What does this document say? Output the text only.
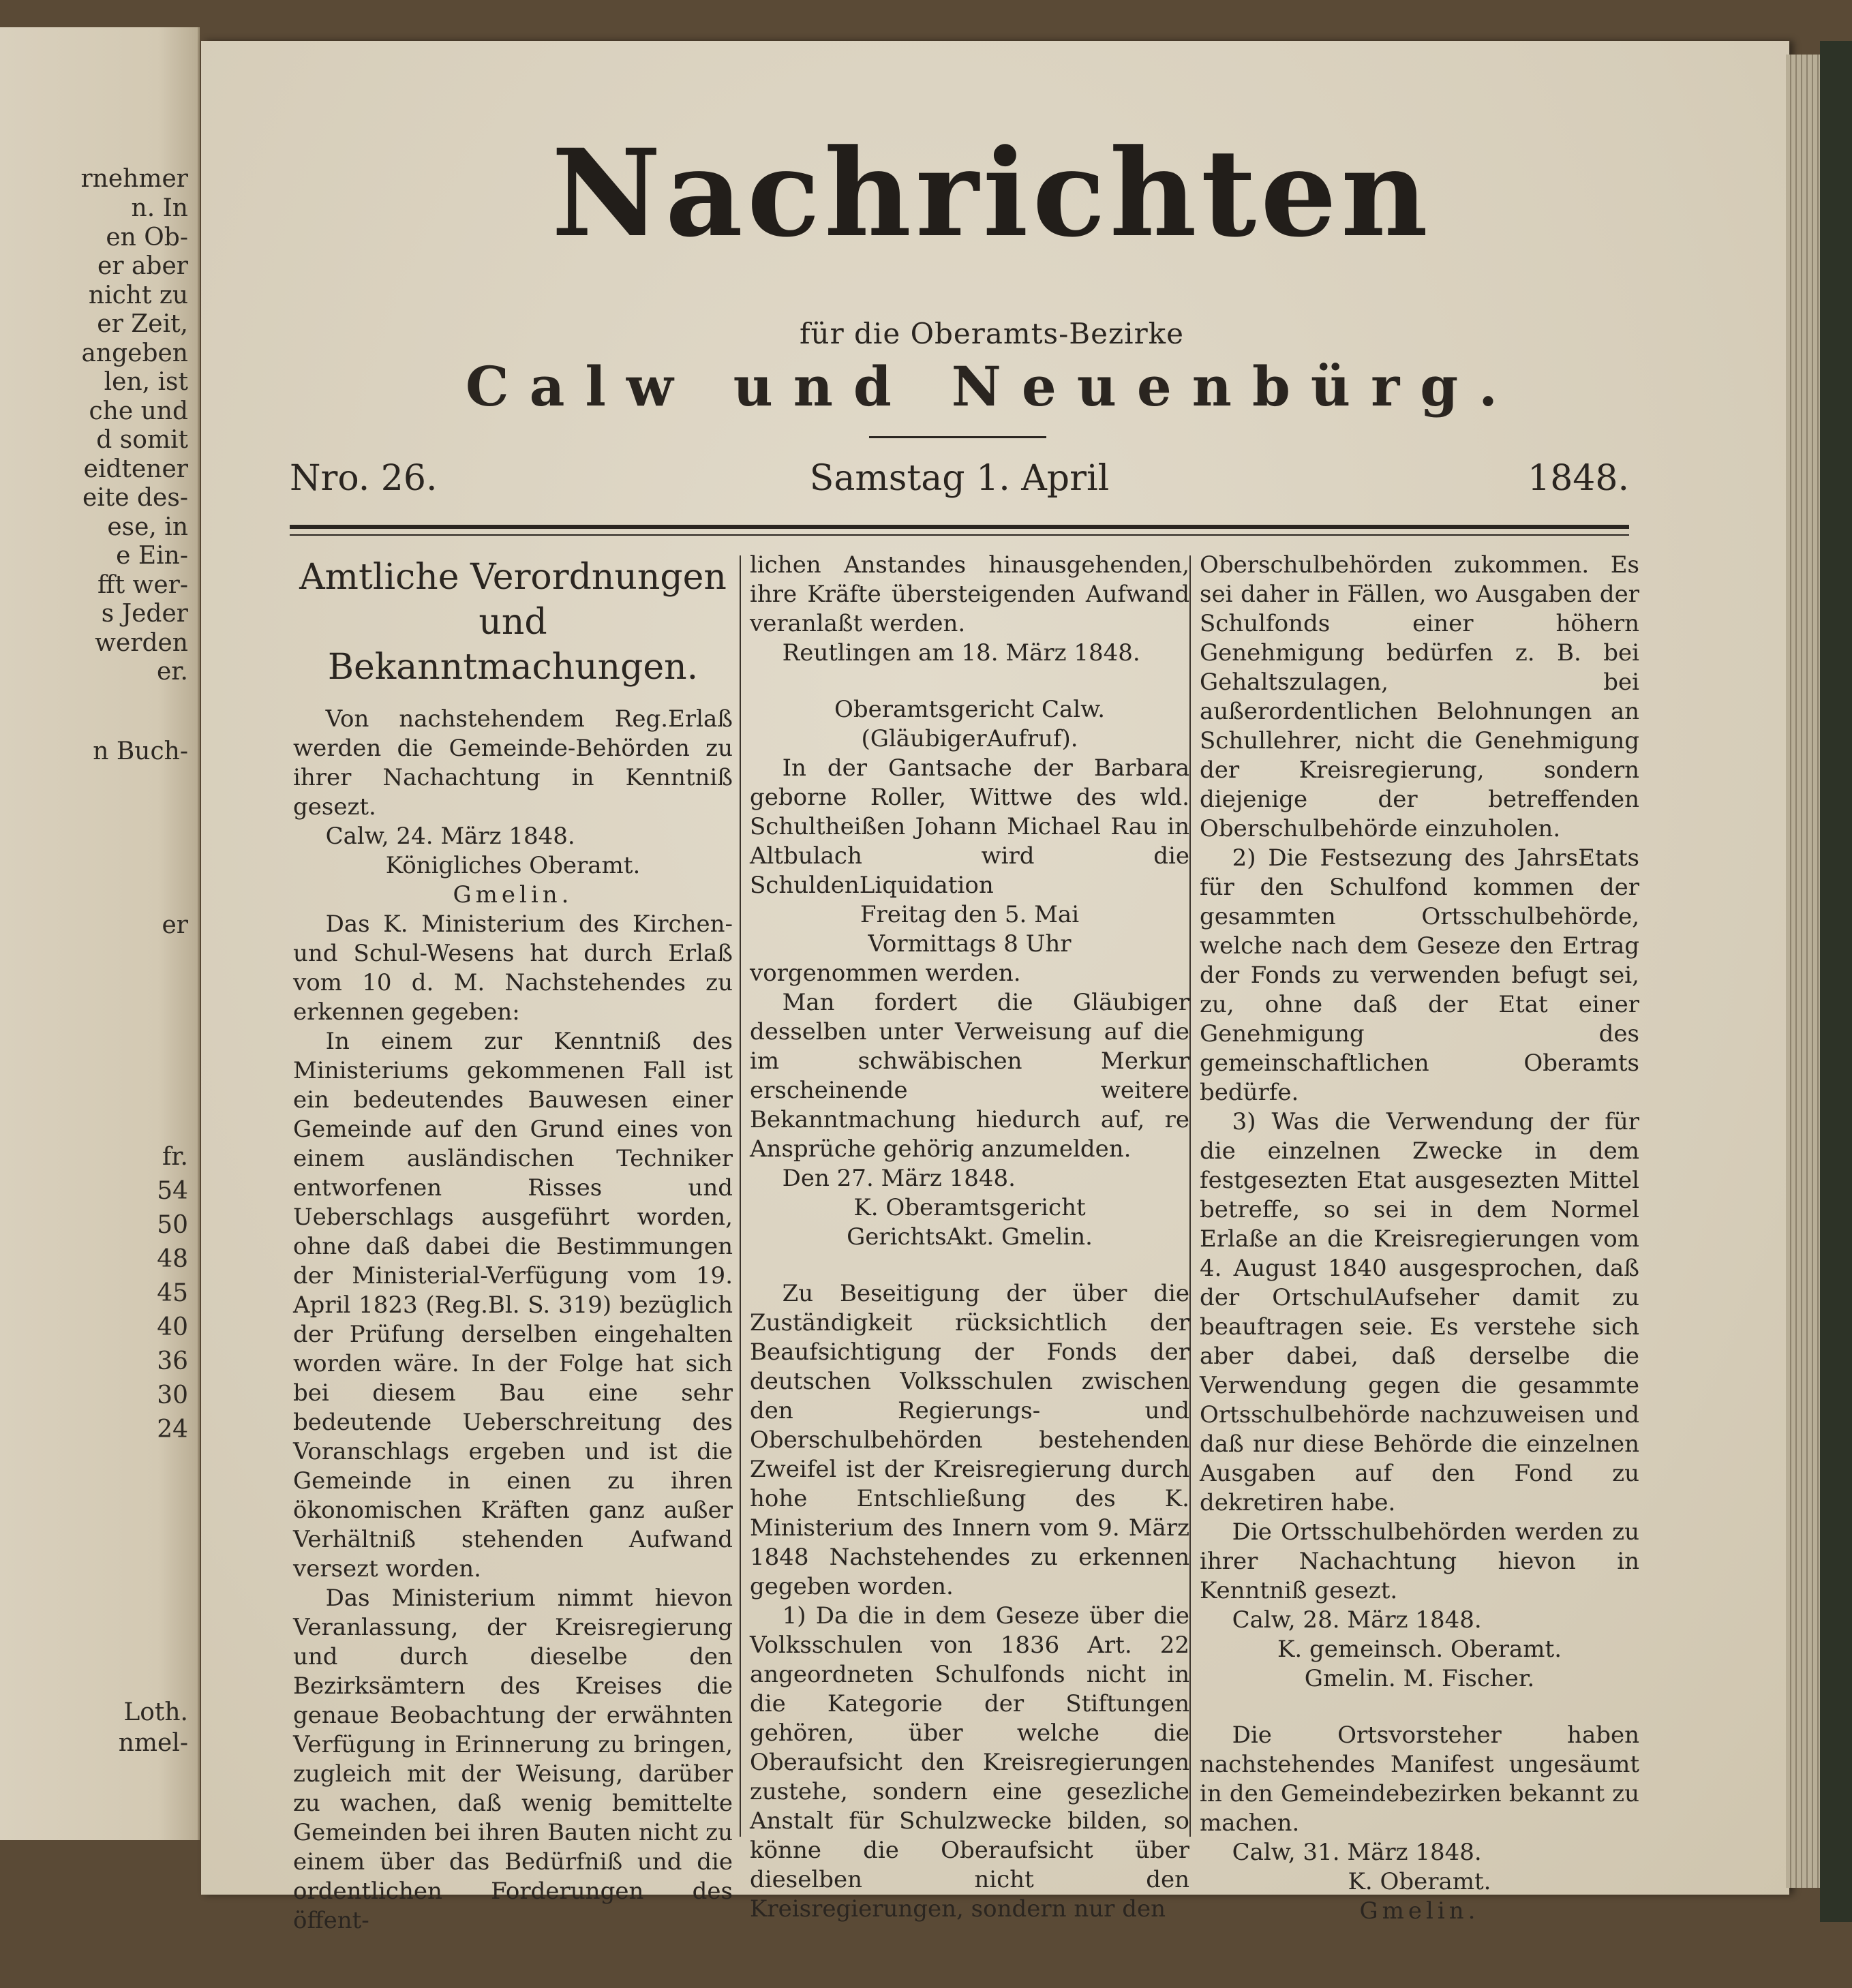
rnehmer
n. In
en Ob-
er aber
nicht zu
er Zeit,
angeben
len, ist
che und
d somit
eidtener
eite des-
ese, in
e Ein-
fft wer-
s Jeder
werden
er.
n Buch-
er
fr.
54
50
48
45
40
36
30
24
Loth.
nmel-
Nachrichten
für die Oberamts-Bezirke
Calw und Neuenbürg.
Nro. 26.	Samstag 1. April	1848.
Amtliche Verordnungen und Bekanntmachungen.

Von nachstehendem Reg.Erlaß werden die Gemeinde-Behörden zu ihrer Nachachtung in Kenntniß gesezt.

Calw, 24. März 1848.

Königliches Oberamt.

Gmelin.

Das K. Ministerium des Kirchen- und Schul-Wesens hat durch Erlaß vom 10 d. M. Nachstehendes zu erkennen gegeben:

In einem zur Kenntniß des Ministeriums gekommenen Fall ist ein bedeutendes Bauwesen einer Gemeinde auf den Grund eines von einem ausländischen Techniker entworfenen Risses und Ueberschlags ausgeführt worden, ohne daß dabei die Bestimmungen der Ministerial-Verfügung vom 19. April 1823 (Reg.Bl. S. 319) bezüglich der Prüfung derselben eingehalten worden wäre. In der Folge hat sich bei diesem Bau eine sehr bedeutende Ueberschreitung des Voranschlags ergeben und ist die Gemeinde in einen zu ihren ökonomischen Kräften ganz außer Verhältniß stehenden Aufwand versezt worden.

Das Ministerium nimmt hievon Veranlassung, der Kreisregierung und durch dieselbe den Bezirksämtern des Kreises die genaue Beobachtung der erwähnten Verfügung in Erinnerung zu bringen, zugleich mit der Weisung, darüber zu wachen, daß wenig bemittelte Gemeinden bei ihren Bauten nicht zu einem über das Bedürfniß und die ordentlichen Forderungen des öffent-

lichen Anstandes hinausgehenden, ihre Kräfte übersteigenden Aufwand veranlaßt werden.

Reutlingen am 18. März 1848.

Oberamtsgericht Calw.

(GläubigerAufruf).

In der Gantsache der Barbara geborne Roller, Wittwe des wld. Schultheißen Johann Michael Rau in Altbulach wird die SchuldenLiquidation

Freitag den 5. Mai

Vormittags 8 Uhr

vorgenommen werden.

Man fordert die Gläubiger desselben unter Verweisung auf die im schwäbischen Merkur erscheinende weitere Bekanntmachung hiedurch auf, re Ansprüche gehörig anzumelden.

Den 27. März 1848.

K. Oberamtsgericht

GerichtsAkt. Gmelin.

Zu Beseitigung der über die Zuständigkeit rücksichtlich der Beaufsichtigung der Fonds der deutschen Volksschulen zwischen den Regierungs- und Oberschulbehörden bestehenden Zweifel ist der Kreisregierung durch hohe Entschließung des K. Ministerium des Innern vom 9. März 1848 Nachstehendes zu erkennen gegeben worden.

1) Da die in dem Geseze über die Volksschulen von 1836 Art. 22 angeordneten Schulfonds nicht in die Kategorie der Stiftungen gehören, über welche die Oberaufsicht den Kreisregierungen zustehe, sondern eine gesezliche Anstalt für Schulzwecke bilden, so könne die Oberaufsicht über dieselben nicht den Kreisregierungen, sondern nur den

Oberschulbehörden zukommen. Es sei daher in Fällen, wo Ausgaben der Schulfonds einer höhern Genehmigung bedürfen z. B. bei Gehaltszulagen, bei außerordentlichen Belohnungen an Schullehrer, nicht die Genehmigung der Kreisregierung, sondern diejenige der betreffenden Oberschulbehörde einzuholen.

2) Die Festsezung des JahrsEtats für den Schulfond kommen der gesammten Ortsschulbehörde, welche nach dem Geseze den Ertrag der Fonds zu verwenden befugt sei, zu, ohne daß der Etat einer Genehmigung des gemeinschaftlichen Oberamts bedürfe.

3) Was die Verwendung der für die einzelnen Zwecke in dem festgesezten Etat ausgesezten Mittel betreffe, so sei in dem Normel Erlaße an die Kreisregierungen vom 4. August 1840 ausgesprochen, daß der OrtschulAufseher damit zu beauftragen seie. Es verstehe sich aber dabei, daß derselbe die Verwendung gegen die gesammte Ortsschulbehörde nachzuweisen und daß nur diese Behörde die einzelnen Ausgaben auf den Fond zu dekretiren habe.

Die Ortsschulbehörden werden zu ihrer Nachachtung hievon in Kenntniß gesezt.

Calw, 28. März 1848.

K. gemeinsch. Oberamt.

Gmelin. M. Fischer.

Die Ortsvorsteher haben nachstehendes Manifest ungesäumt in den Gemeindebezirken bekannt zu machen.

Calw, 31. März 1848.

K. Oberamt.

Gmelin.
